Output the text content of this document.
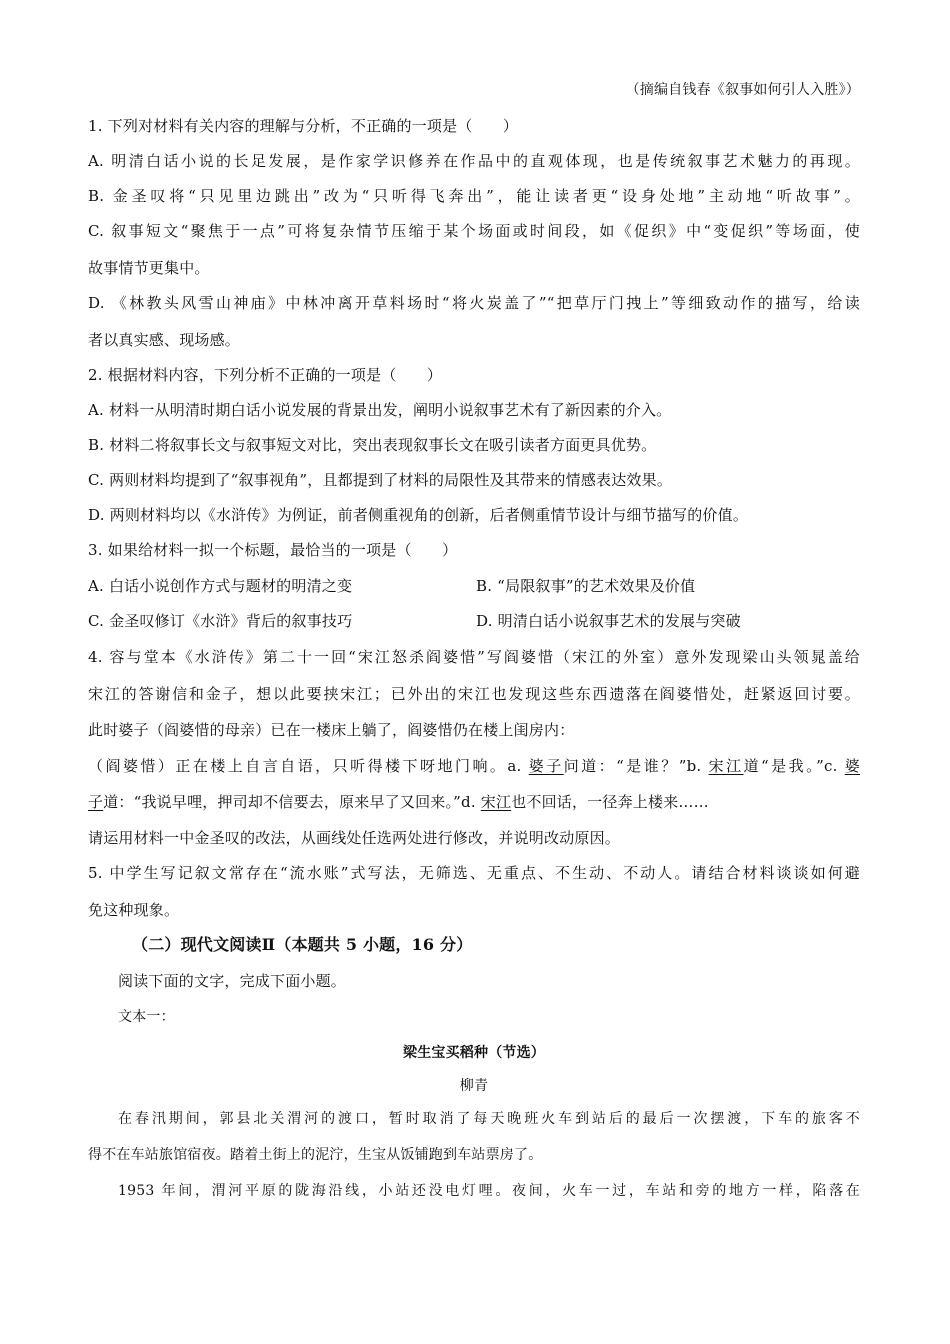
（摘编自钱春《叙事如何引人入胜》）
1. 下列对材料有关内容的理解与分析，不正确的一项是（　　）
A. 明清白话小说的长足发展，是作家学识修养在作品中的直观体现，也是传统叙事艺术魅力的再现。
B. 金圣叹将“只见里边跳出”改为“只听得飞奔出”，能让读者更“设身处地”主动地“听故事”。
C. 叙事短文“聚焦于一点”可将复杂情节压缩于某个场面或时间段，如《促织》中“变促织”等场面，使
故事情节更集中。
D. 《林教头风雪山神庙》中林冲离开草料场时“将火炭盖了”“把草厅门拽上”等细致动作的描写，给读
者以真实感、现场感。
2. 根据材料内容，下列分析不正确的一项是（　　）
A. 材料一从明清时期白话小说发展的背景出发，阐明小说叙事艺术有了新因素的介入。
B. 材料二将叙事长文与叙事短文对比，突出表现叙事长文在吸引读者方面更具优势。
C. 两则材料均提到了“叙事视角”，且都提到了材料的局限性及其带来的情感表达效果。
D. 两则材料均以《水浒传》为例证，前者侧重视角的创新，后者侧重情节设计与细节描写的价值。
3. 如果给材料一拟一个标题，最恰当的一项是（　　）
A. 白话小说创作方式与题材的明清之变	B. “局限叙事”的艺术效果及价值
C. 金圣叹修订《水浒》背后的叙事技巧	D. 明清白话小说叙事艺术的发展与突破
4. 容与堂本《水浒传》第二十一回“宋江怒杀阎婆惜”写阎婆惜（宋江的外室）意外发现梁山头领晁盖给
宋江的答谢信和金子，想以此要挟宋江；已外出的宋江也发现这些东西遗落在阎婆惜处，赶紧返回讨要。
此时婆子（阎婆惜的母亲）已在一楼床上躺了，阎婆惜仍在楼上闺房内：
（阎婆惜）正在楼上自言自语，只听得楼下呀地门响。a. 婆子问道：“是谁？”b. 宋江道“是我。”c. 婆
子道：“我说早哩，押司却不信要去，原来早了又回来。”d. 宋江也不回话，一径奔上楼来……
请运用材料一中金圣叹的改法，从画线处任选两处进行修改，并说明改动原因。
5. 中学生写记叙文常存在“流水账”式写法，无筛选、无重点、不生动、不动人。请结合材料谈谈如何避
免这种现象。
（二）现代文阅读Ⅱ（本题共 5 小题，16 分）
阅读下面的文字，完成下面小题。
文本一：
梁生宝买稻种（节选）
柳青
在春汛期间，郭县北关渭河的渡口，暂时取消了每天晚班火车到站后的最后一次摆渡，下车的旅客不
得不在车站旅馆宿夜。踏着土街上的泥泞，生宝从饭铺跑到车站票房了。
1953 年间，渭河平原的陇海沿线，小站还没电灯哩。夜间，火车一过，车站和旁的地方一样，陷落在
